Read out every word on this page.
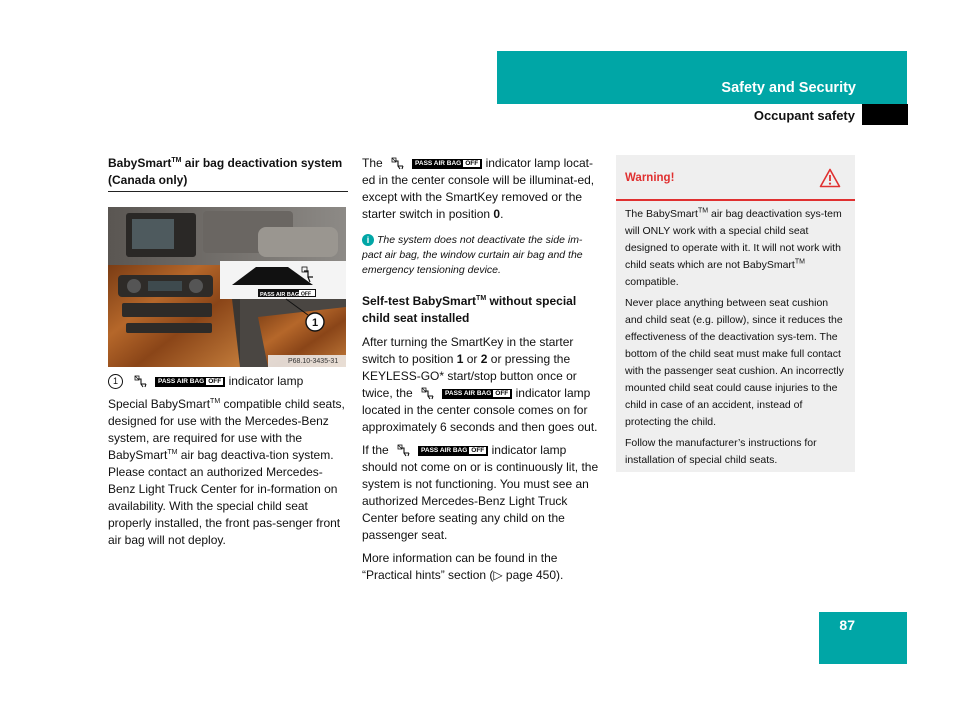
Safety and Security
Occupant safety
BabySmart™ air bag deactivation system (Canada only)
PASS AIR BAG OFF
1
P68.10-3435-31

1	PASS AIR BAG OFF indicator lamp

Special BabySmart™ compatible child seats, designed for use with the Mercedes-Benz system, are required for use with the BabySmart™ air bag deactiva-tion system. Please contact an authorized Mercedes-Benz Light Truck Center for in-formation on availability. With the special child seat properly installed, the front pas-senger front air bag will not deploy.

The	PASS AIR BAG OFF indicator lamp locat-ed in the center console will be illuminat-ed, except with the SmartKey removed or the starter switch in position 0.

i The system does not deactivate the side im-pact air bag, the window curtain air bag and the emergency tensioning device.
Self-test BabySmart™ without special child seat installed

After turning the SmartKey in the starter switch to position 1 or 2 or pressing the KEYLESS-GO* start/stop button once or twice, the	PASS AIR BAG OFF indicator lamp located in the center console comes on for approximately 6 seconds and then goes out.

If the	PASS AIR BAG OFF indicator lamp should not come on or is continuously lit, the system is not functioning. You must see an authorized Mercedes-Benz Light Truck Center before seating any child on the passenger seat.

More information can be found in the “Practical hints” section (▷ page 450).

Warning!

The BabySmart™ air bag deactivation sys-tem will ONLY work with a special child seat designed to operate with it. It will not work with child seats which are not BabySmart™ compatible.

Never place anything between seat cushion and child seat (e.g. pillow), since it reduces the effectiveness of the deactivation sys-tem. The bottom of the child seat must make full contact with the passenger seat cushion. An incorrectly mounted child seat could cause injuries to the child in case of an accident, instead of protecting the child.

Follow the manufacturer’s instructions for installation of special child seats.

87
